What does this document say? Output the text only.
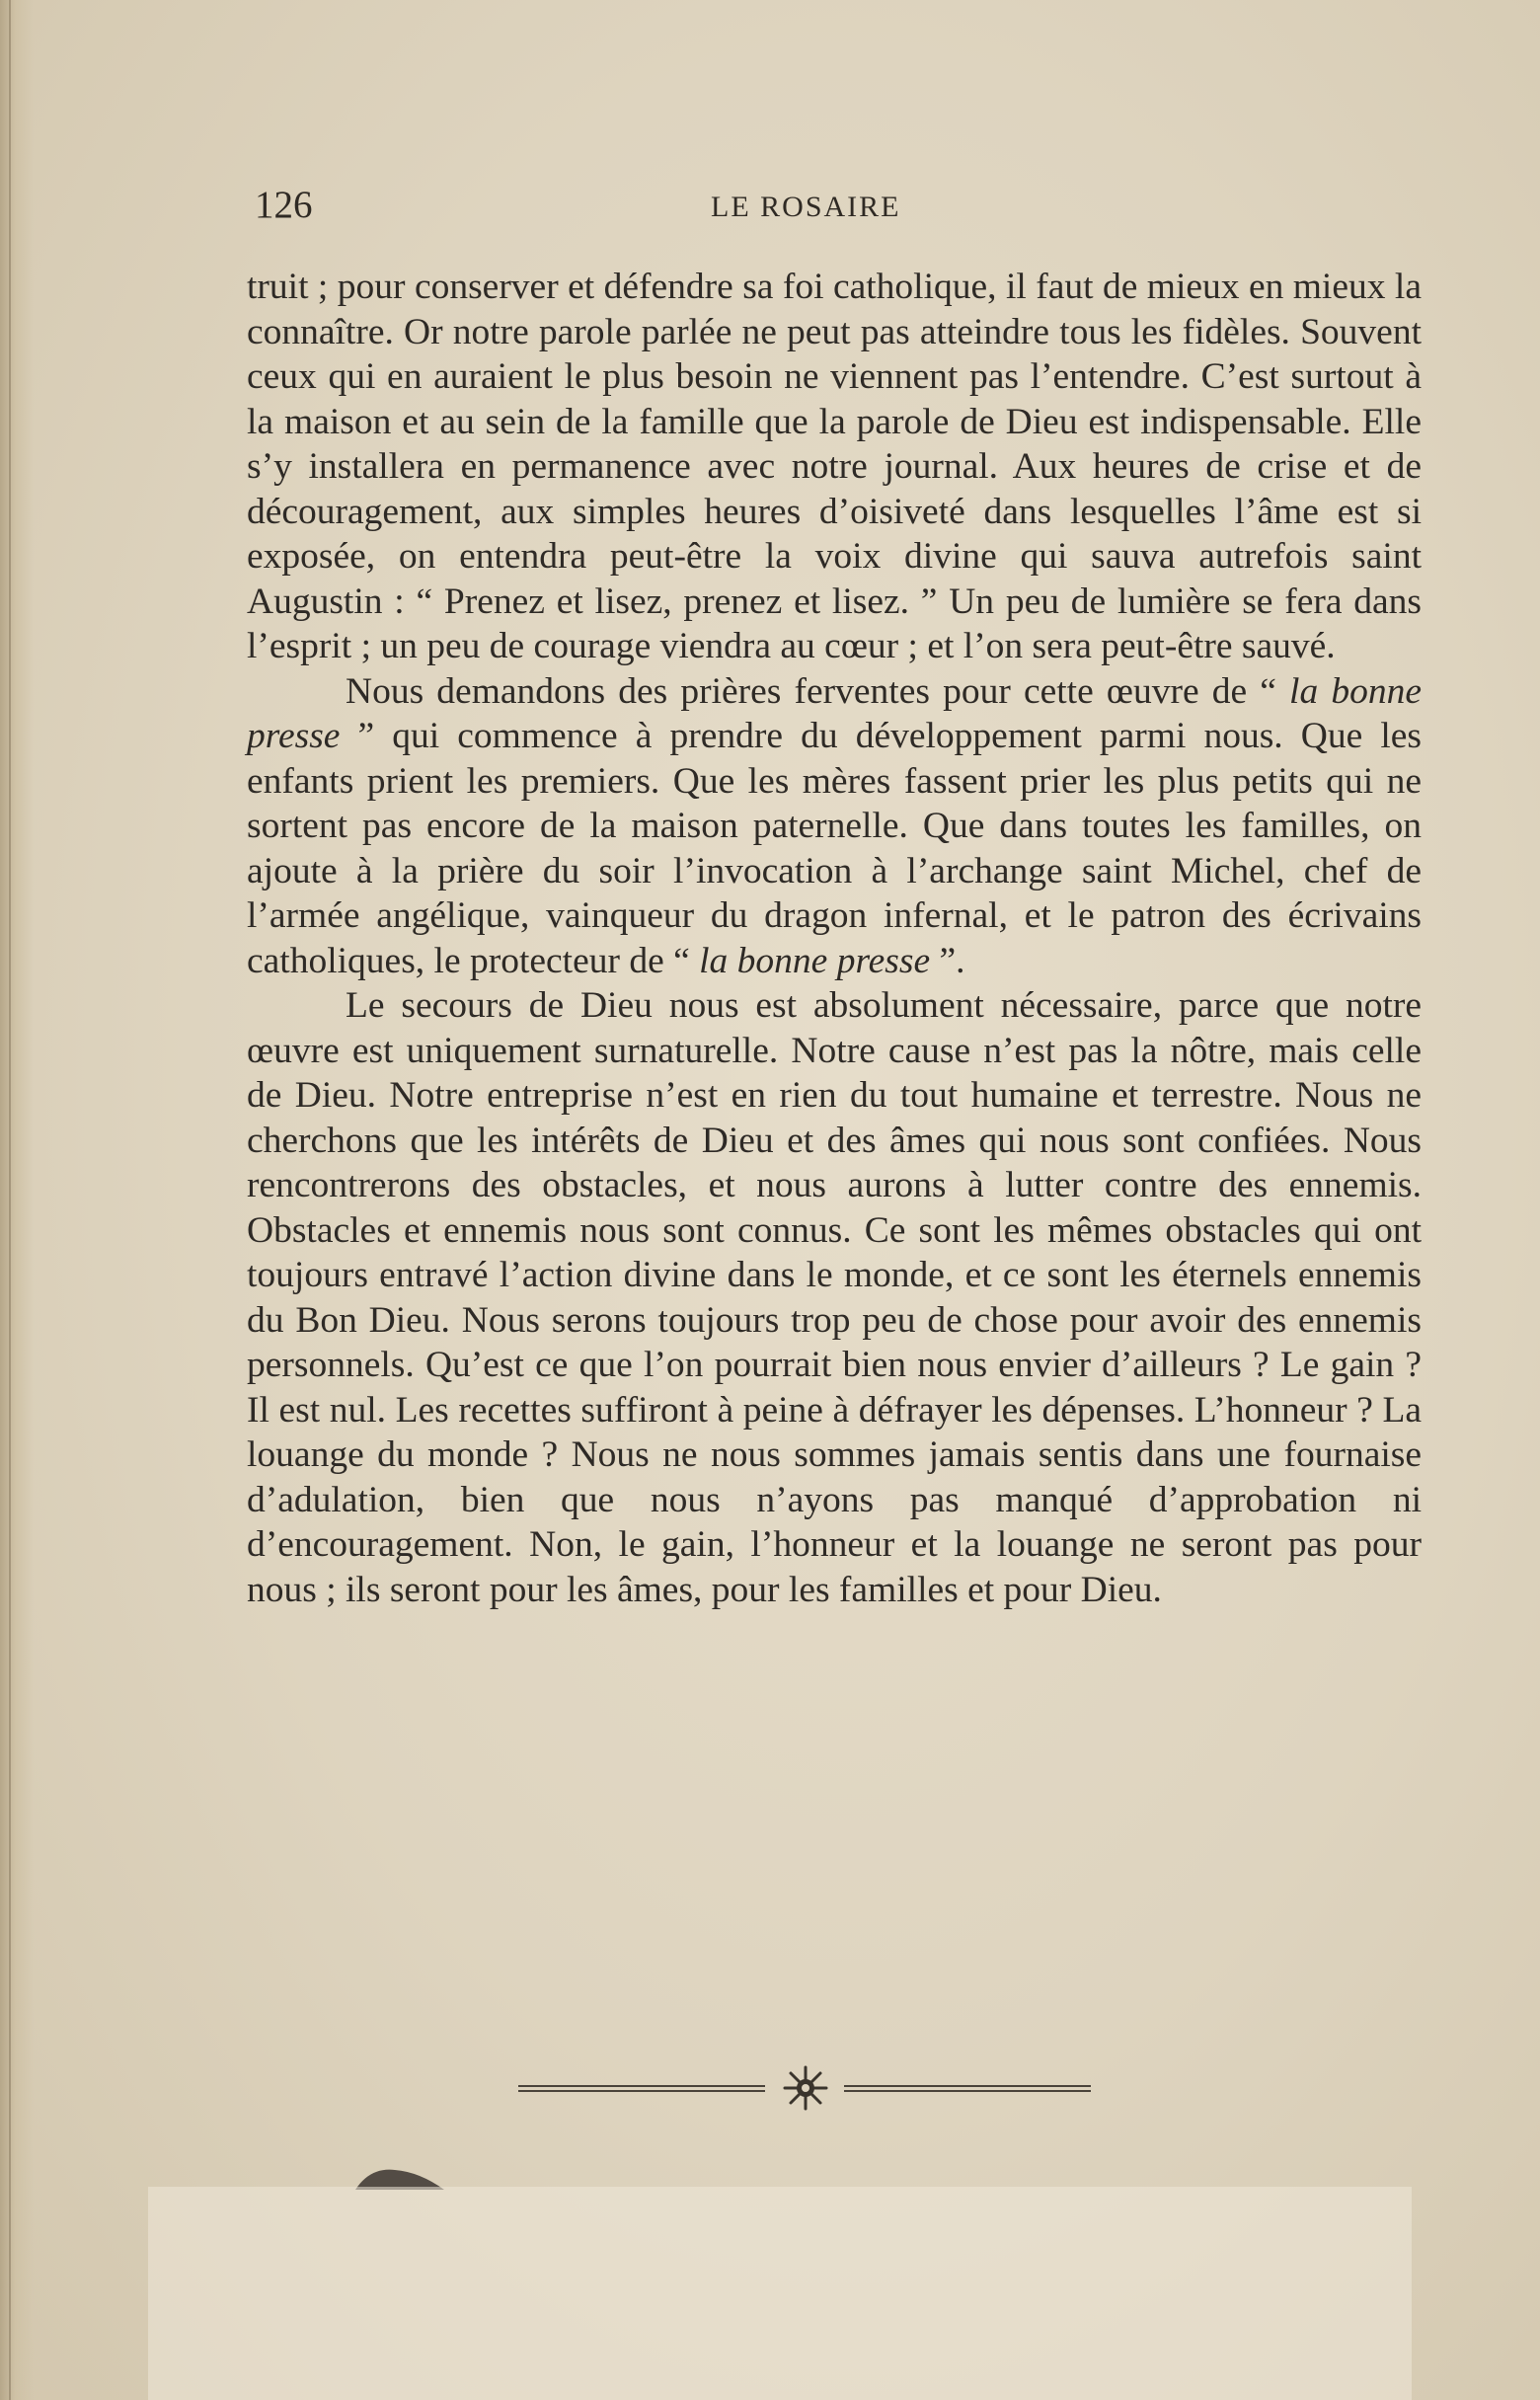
126	LE ROSAIRE

truit ; pour conserver et défendre sa foi catholique, il faut de mieux en mieux la connaître. Or notre parole parlée ne peut pas atteindre tous les fidèles. Souvent ceux qui en auraient le plus besoin ne viennent pas l’entendre. C’est surtout à la maison et au sein de la famille que la parole de Dieu est indispensable. Elle s’y installera en permanence avec notre journal. Aux heures de crise et de découragement, aux simples heures d’oisiveté dans lesquelles l’âme est si exposée, on entendra peut-être la voix divine qui sauva autrefois saint Augustin : “ Prenez et lisez, prenez et lisez. ” Un peu de lumière se fera dans l’esprit ; un peu de courage viendra au cœur ; et l’on sera peut-être sauvé.

Nous demandons des prières ferventes pour cette œuvre de “ la bonne presse ” qui commence à prendre du développement parmi nous. Que les enfants prient les premiers. Que les mères fassent prier les plus petits qui ne sortent pas encore de la maison paternelle. Que dans toutes les familles, on ajoute à la prière du soir l’invocation à l’archange saint Michel, chef de l’armée angélique, vainqueur du dragon infernal, et le patron des écrivains catholiques, le protecteur de “ la bonne presse ”.

Le secours de Dieu nous est absolument nécessaire, parce que notre œuvre est uniquement surnaturelle. Notre cause n’est pas la nôtre, mais celle de Dieu. Notre entreprise n’est en rien du tout humaine et terrestre. Nous ne cherchons que les intérêts de Dieu et des âmes qui nous sont confiées. Nous rencontrerons des obstacles, et nous aurons à lutter contre des ennemis. Obstacles et ennemis nous sont connus. Ce sont les mêmes obstacles qui ont toujours entravé l’action divine dans le monde, et ce sont les éternels ennemis du Bon Dieu. Nous serons toujours trop peu de chose pour avoir des ennemis personnels. Qu’est ce que l’on pourrait bien nous envier d’ailleurs ? Le gain ? Il est nul. Les recettes suffiront à peine à défrayer les dépenses. L’honneur ? La louange du monde ? Nous ne nous sommes jamais sentis dans une fournaise d’adulation, bien que nous n’ayons pas manqué d’approbation ni d’encouragement. Non, le gain, l’honneur et la louange ne seront pas pour nous ; ils seront pour les âmes, pour les familles et pour Dieu.
